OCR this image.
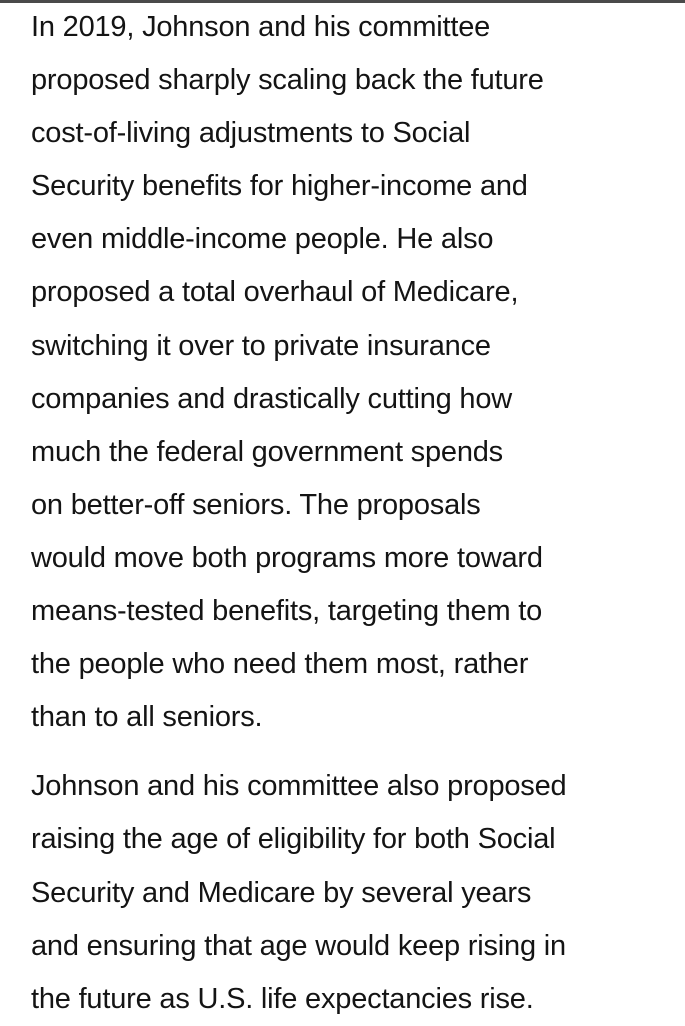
In 2019, Johnson and his committee
proposed sharply scaling back the future
cost-of-living adjustments to Social
Security benefits for higher-income and
even middle-income people. He also
proposed a total overhaul of Medicare,
switching it over to private insurance
companies and drastically cutting how
much the federal government spends
on better-off seniors. The proposals
would move both programs more toward
means-tested benefits, targeting them to
the people who need them most, rather
than to all seniors.

Johnson and his committee also proposed
raising the age of eligibility for both Social
Security and Medicare by several years
and ensuring that age would keep rising in
the future as U.S. life expectancies rise.
